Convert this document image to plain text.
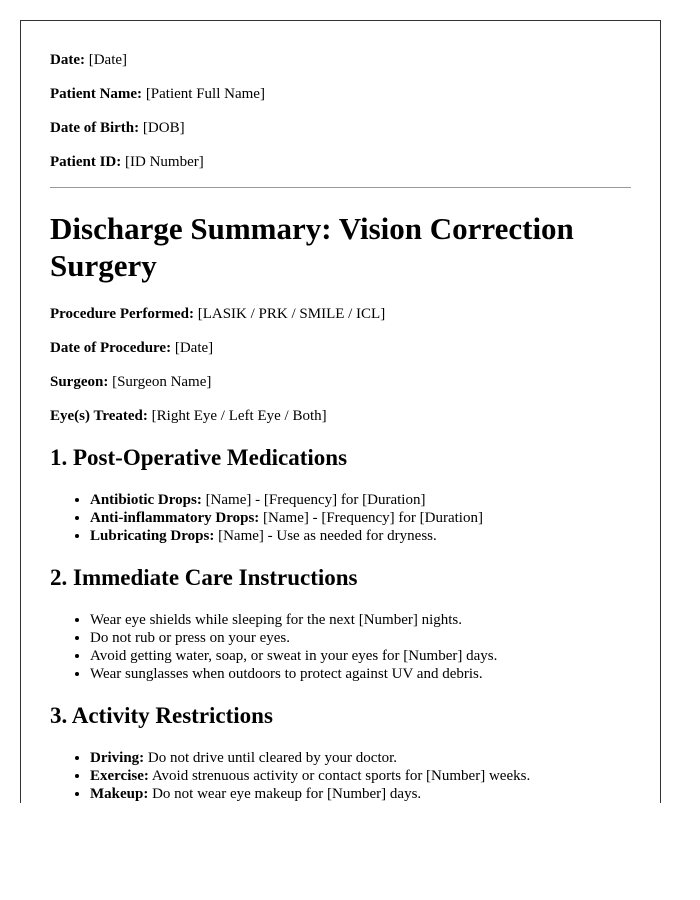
Date: [Date]

Patient Name: [Patient Full Name]

Date of Birth: [DOB]

Patient ID: [ID Number]

Discharge Summary: Vision Correction Surgery

Procedure Performed: [LASIK / PRK / SMILE / ICL]

Date of Procedure: [Date]

Surgeon: [Surgeon Name]

Eye(s) Treated: [Right Eye / Left Eye / Both]

1. Post-Operative Medications
• Antibiotic Drops: [Name] - [Frequency] for [Duration]
• Anti-inflammatory Drops: [Name] - [Frequency] for [Duration]
• Lubricating Drops: [Name] - Use as needed for dryness.
2. Immediate Care Instructions
• Wear eye shields while sleeping for the next [Number] nights.
• Do not rub or press on your eyes.
• Avoid getting water, soap, or sweat in your eyes for [Number] days.
• Wear sunglasses when outdoors to protect against UV and debris.
3. Activity Restrictions
• Driving: Do not drive until cleared by your doctor.
• Exercise: Avoid strenuous activity or contact sports for [Number] weeks.
• Makeup: Do not wear eye makeup for [Number] days.
